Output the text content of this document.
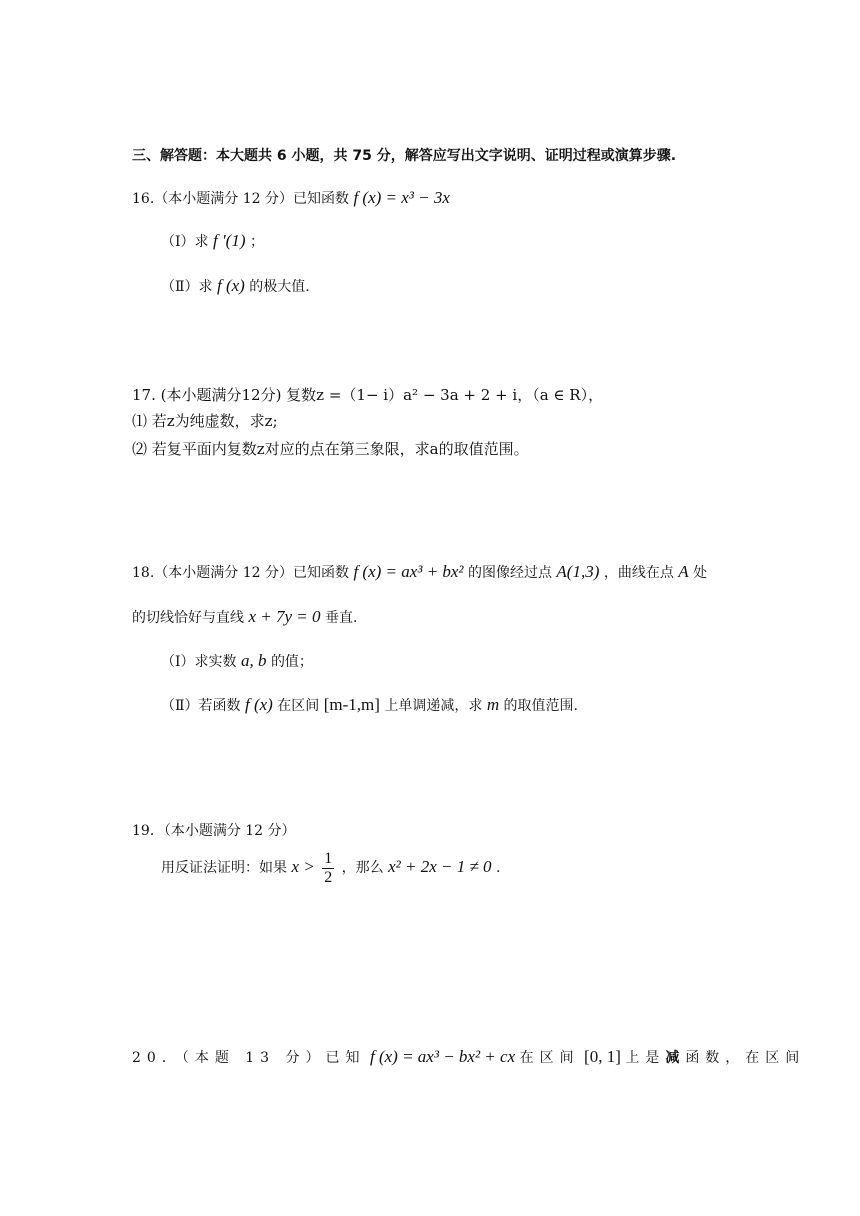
三、解答题：本大题共 6 小题，共 75 分，解答应写出文字说明、证明过程或演算步骤.
16.（本小题满分 12 分）已知函数 f (x) = x³ − 3x
（Ⅰ）求 f ′(1) ；
（Ⅱ）求 f (x) 的极大值.
17. (本小题满分12分) 复数z =（1− i）a² − 3a + 2 + i，（a ∈ R），
⑴ 若z为纯虚数，求z;
⑵ 若复平面内复数z对应的点在第三象限，求a的取值范围。
18.（本小题满分 12 分）已知函数 f (x) = ax³ + bx² 的图像经过点 A(1,3) ，曲线在点 A 处
的切线恰好与直线 x + 7y = 0 垂直.
（Ⅰ）求实数 a, b 的值；
（Ⅱ）若函数 f (x) 在区间 [m-1,m] 上单调递减，求 m 的取值范围.
19．（本小题满分 12 分）
用反证法证明：如果 $x > \frac{1}{2}$ ，那么 x² + 2x − 1 ≠ 0 .
20．（本题 13 分）已知 f (x) = ax³ − bx² + cx 在区间 [0, 1] 上是减函数，在区间
